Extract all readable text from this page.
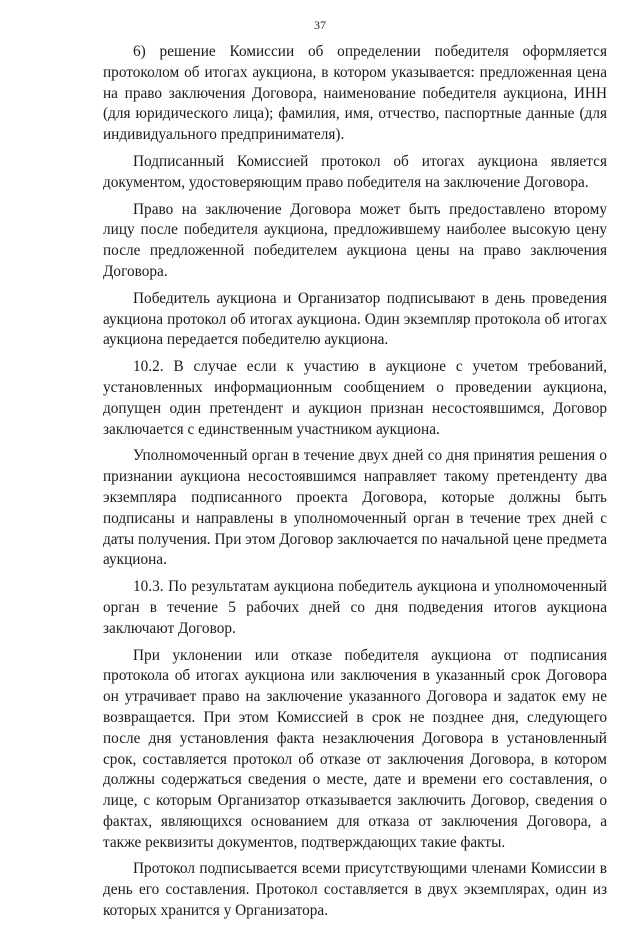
37

6) решение Комиссии об определении победителя оформляется протоколом об итогах аукциона, в котором указывается: предложенная цена на право заключения Договора, наименование победителя аукциона, ИНН (для юридического лица); фамилия, имя, отчество, паспортные данные (для индивидуального предпринимателя).

Подписанный Комиссией протокол об итогах аукциона является документом, удостоверяющим право победителя на заключение Договора.

Право на заключение Договора может быть предоставлено второму лицу после победителя аукциона, предложившему наиболее высокую цену после предложенной победителем аукциона цены на право заключения Договора.

Победитель аукциона и Организатор подписывают в день проведения аукциона протокол об итогах аукциона. Один экземпляр протокола об итогах аукциона передается победителю аукциона.

10.2. В случае если к участию в аукционе с учетом требований, установленных информационным сообщением о проведении аукциона, допущен один претендент и аукцион признан несостоявшимся, Договор заключается с единственным участником аукциона.

Уполномоченный орган в течение двух дней со дня принятия решения о признании аукциона несостоявшимся направляет такому претенденту два экземпляра подписанного проекта Договора, которые должны быть подписаны и направлены в уполномоченный орган в течение трех дней с даты получения. При этом Договор заключается по начальной цене предмета аукциона.

10.3. По результатам аукциона победитель аукциона и уполномоченный орган в течение 5 рабочих дней со дня подведения итогов аукциона заключают Договор.

При уклонении или отказе победителя аукциона от подписания протокола об итогах аукциона или заключения в указанный срок Договора он утрачивает право на заключение указанного Договора и задаток ему не возвращается. При этом Комиссией в срок не позднее дня, следующего после дня установления факта незаключения Договора в установленный срок, составляется протокол об отказе от заключения Договора, в котором должны содержаться сведения о месте, дате и времени его составления, о лице, с которым Организатор отказывается заключить Договор, сведения о фактах, являющихся основанием для отказа от заключения Договора, а также реквизиты документов, подтверждающих такие факты.

Протокол подписывается всеми присутствующими членами Комиссии в день его составления. Протокол составляется в двух экземплярах, один из которых хранится у Организатора.
